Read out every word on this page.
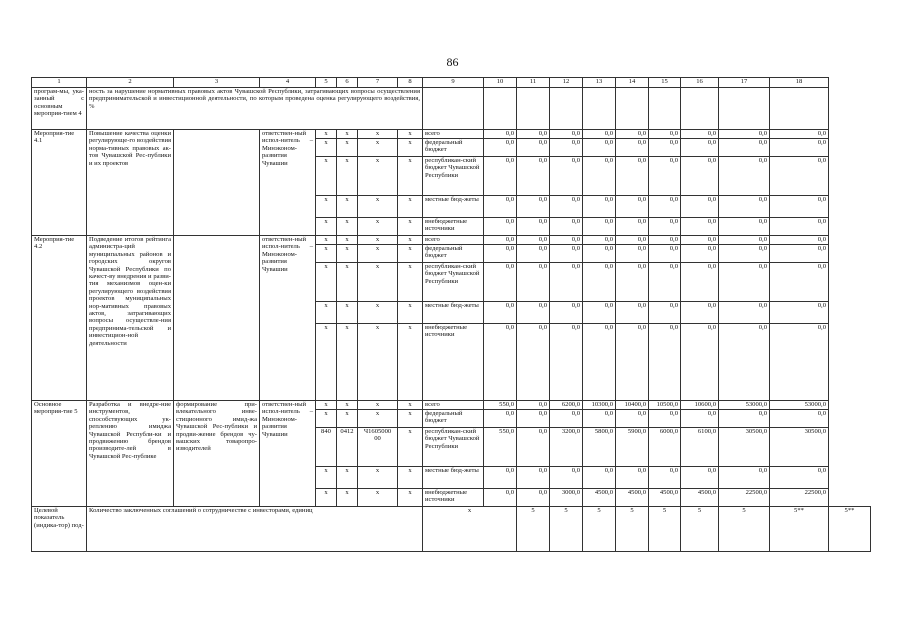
86
1	2	3	4	5	6	7	8	9	10	11	12	13	14	15	16	17	18	
програм-мы, ука-занный с основным мероприя-тием 4	ность за нарушение нормативных правовых актов Чувашской Республики, затрагивающих вопросы осуществления предпринимательской и инвестиционной деятельности, по которым проведена оценка регулирующего воздействия, %																	
Мероприя-тие 4.1	Повышение качества оценки регулирующе-го воздействия норма-тивных правовых ак-тов Чувашской Рес-публики и их проектов		ответствен-ный испол-нитель – Минэконом-развития Чувашии	x	x	x	x	всего	0,0	0,0	0,0	0,0	0,0	0,0	0,0	0,0	0,0	
				x	x	x	x	федеральный бюджет	0,0	0,0	0,0	0,0	0,0	0,0	0,0	0,0	0,0	
				x	x	x	x	республикан-ский бюджет Чувашской Республики	0,0	0,0	0,0	0,0	0,0	0,0	0,0	0,0	0,0	
				x	x	x	x	местные бюд-жеты	0,0	0,0	0,0	0,0	0,0	0,0	0,0	0,0	0,0	
				x	x	x	x	внебюджетные источники	0,0	0,0	0,0	0,0	0,0	0,0	0,0	0,0	0,0	
Мероприя-тие 4.2	Подведение итогов рейтинга администра-ций муниципальных районов и городских округов Чувашской Республики по качест-ву внедрения и разви-тия механизмов оцен-ки регулирующего воздействия проектов муниципальных нор-мативных правовых актов, затрагивающих вопросы осуществле-ния предпринима-тельской и инвестицион-ной деятельности		ответствен-ный испол-нитель – Минэконом-развития Чувашии	x	x	x	x	всего	0,0	0,0	0,0	0,0	0,0	0,0	0,0	0,0	0,0	
				x	x	x	x	федеральный бюджет	0,0	0,0	0,0	0,0	0,0	0,0	0,0	0,0	0,0	
				x	x	x	x	республикан-ский бюджет Чувашской Республики	0,0	0,0	0,0	0,0	0,0	0,0	0,0	0,0	0,0	
				x	x	x	x	местные бюд-жеты	0,0	0,0	0,0	0,0	0,0	0,0	0,0	0,0	0,0	
				x	x	x	x	внебюджетные источники	0,0	0,0	0,0	0,0	0,0	0,0	0,0	0,0	0,0	
Основное мероприя-тие 5	Разработка и внедре-ние инструментов, способствующих ук-реплению имиджа Чувашской Республи-ки и продвижению брендов производите-лей в Чувашской Рес-публике	формирование при-влекательного инве-стиционного имид-жа Чувашской Рес-публики и продви-жение брендов чу-вашских товаропро-изводителей	ответствен-ный испол-нитель – Минэконом-развития Чувашии	x	x	x	x	всего	550,0	0,0	6200,0	10300,0	10400,0	10500,0	10600,0	53000,0	53000,0	
				x	x	x	x	федеральный бюджет	0,0	0,0	0,0	0,0	0,0	0,0	0,0	0,0	0,0	
				840	0412	Ч1605000 00	x	республикан-ский бюджет Чувашской Республики	550,0	0,0	3200,0	5800,0	5900,0	6000,0	6100,0	30500,0	30500,0	
				x	x	x	x	местные бюд-жеты	0,0	0,0	0,0	0,0	0,0	0,0	0,0	0,0	0,0	
				x	x	x	x	внебюджетные источники	0,0	0,0	3000,0	4500,0	4500,0	4500,0	4500,0	22500,0	22500,0	
Целевой показатель (индика-тор) под-	Количество заключенных соглашений о сотрудничестве с инвесторами, единиц							x		5	5	5	5	5	5	5	5**	5**
